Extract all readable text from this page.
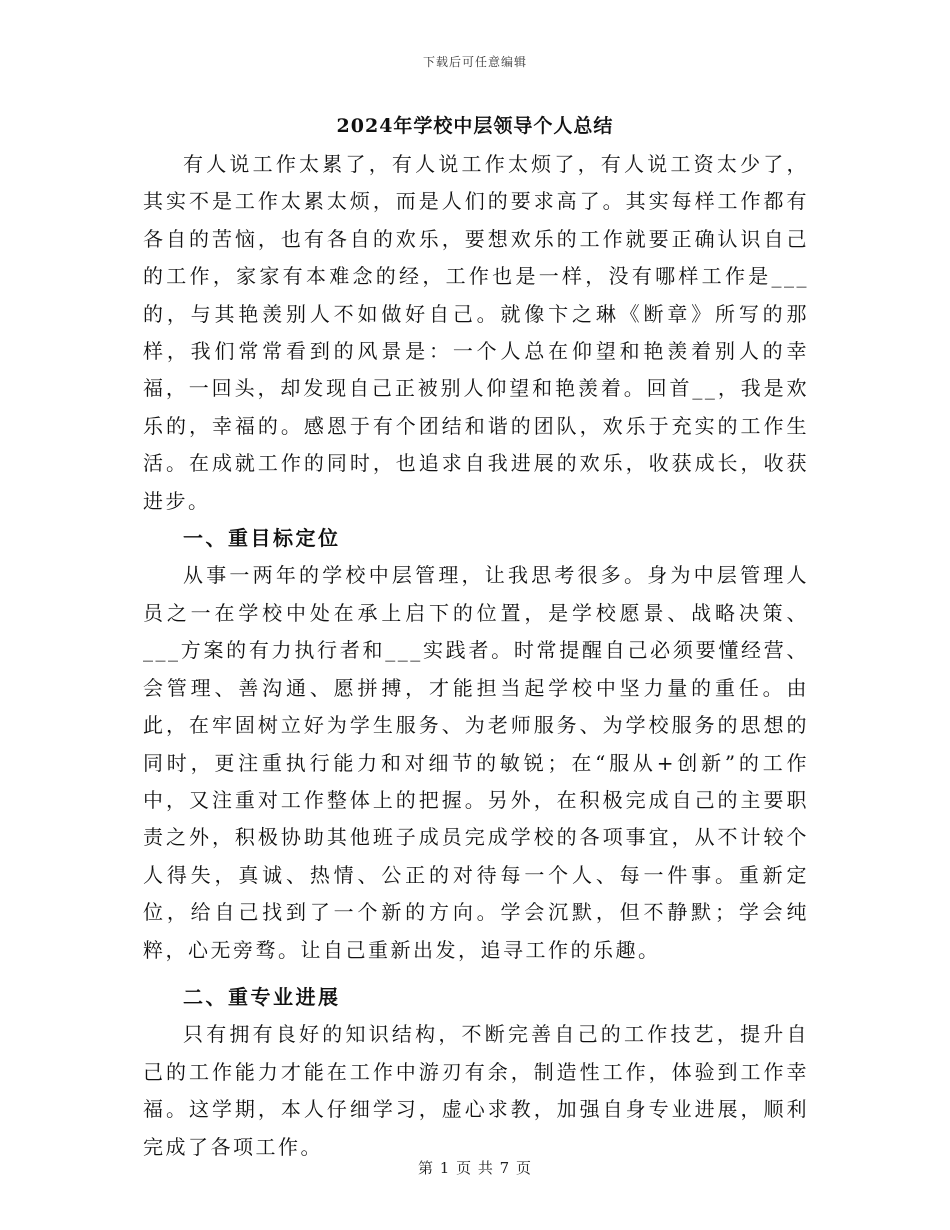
下载后可任意编辑
2024年学校中层领导个人总结

有人说工作太累了，有人说工作太烦了，有人说工资太少了，其实不是工作太累太烦，而是人们的要求高了。其实每样工作都有各自的苦恼，也有各自的欢乐，要想欢乐的工作就要正确认识自己的工作，家家有本难念的经，工作也是一样，没有哪样工作是___的，与其艳羡别人不如做好自己。就像卞之琳《断章》所写的那样，我们常常看到的风景是：一个人总在仰望和艳羡着别人的幸福，一回头，却发现自己正被别人仰望和艳羡着。回首__，我是欢乐的，幸福的。感恩于有个团结和谐的团队，欢乐于充实的工作生活。在成就工作的同时，也追求自我进展的欢乐，收获成长，收获进步。

一、重目标定位

从事一两年的学校中层管理，让我思考很多。身为中层管理人员之一在学校中处在承上启下的位置，是学校愿景、战略决策、___方案的有力执行者和___实践者。时常提醒自己必须要懂经营、会管理、善沟通、愿拼搏，才能担当起学校中坚力量的重任。由此，在牢固树立好为学生服务、为老师服务、为学校服务的思想的同时，更注重执行能力和对细节的敏锐；在“服从+创新”的工作中，又注重对工作整体上的把握。另外，在积极完成自己的主要职责之外，积极协助其他班子成员完成学校的各项事宜，从不计较个人得失，真诚、热情、公正的对待每一个人、每一件事。重新定位，给自己找到了一个新的方向。学会沉默，但不静默；学会纯粹，心无旁骛。让自己重新出发，追寻工作的乐趣。

二、重专业进展

只有拥有良好的知识结构，不断完善自己的工作技艺，提升自己的工作能力才能在工作中游刃有余，制造性工作，体验到工作幸福。这学期，本人仔细学习，虚心求教，加强自身专业进展，顺利完成了各项工作。

第 1 页 共 7 页
